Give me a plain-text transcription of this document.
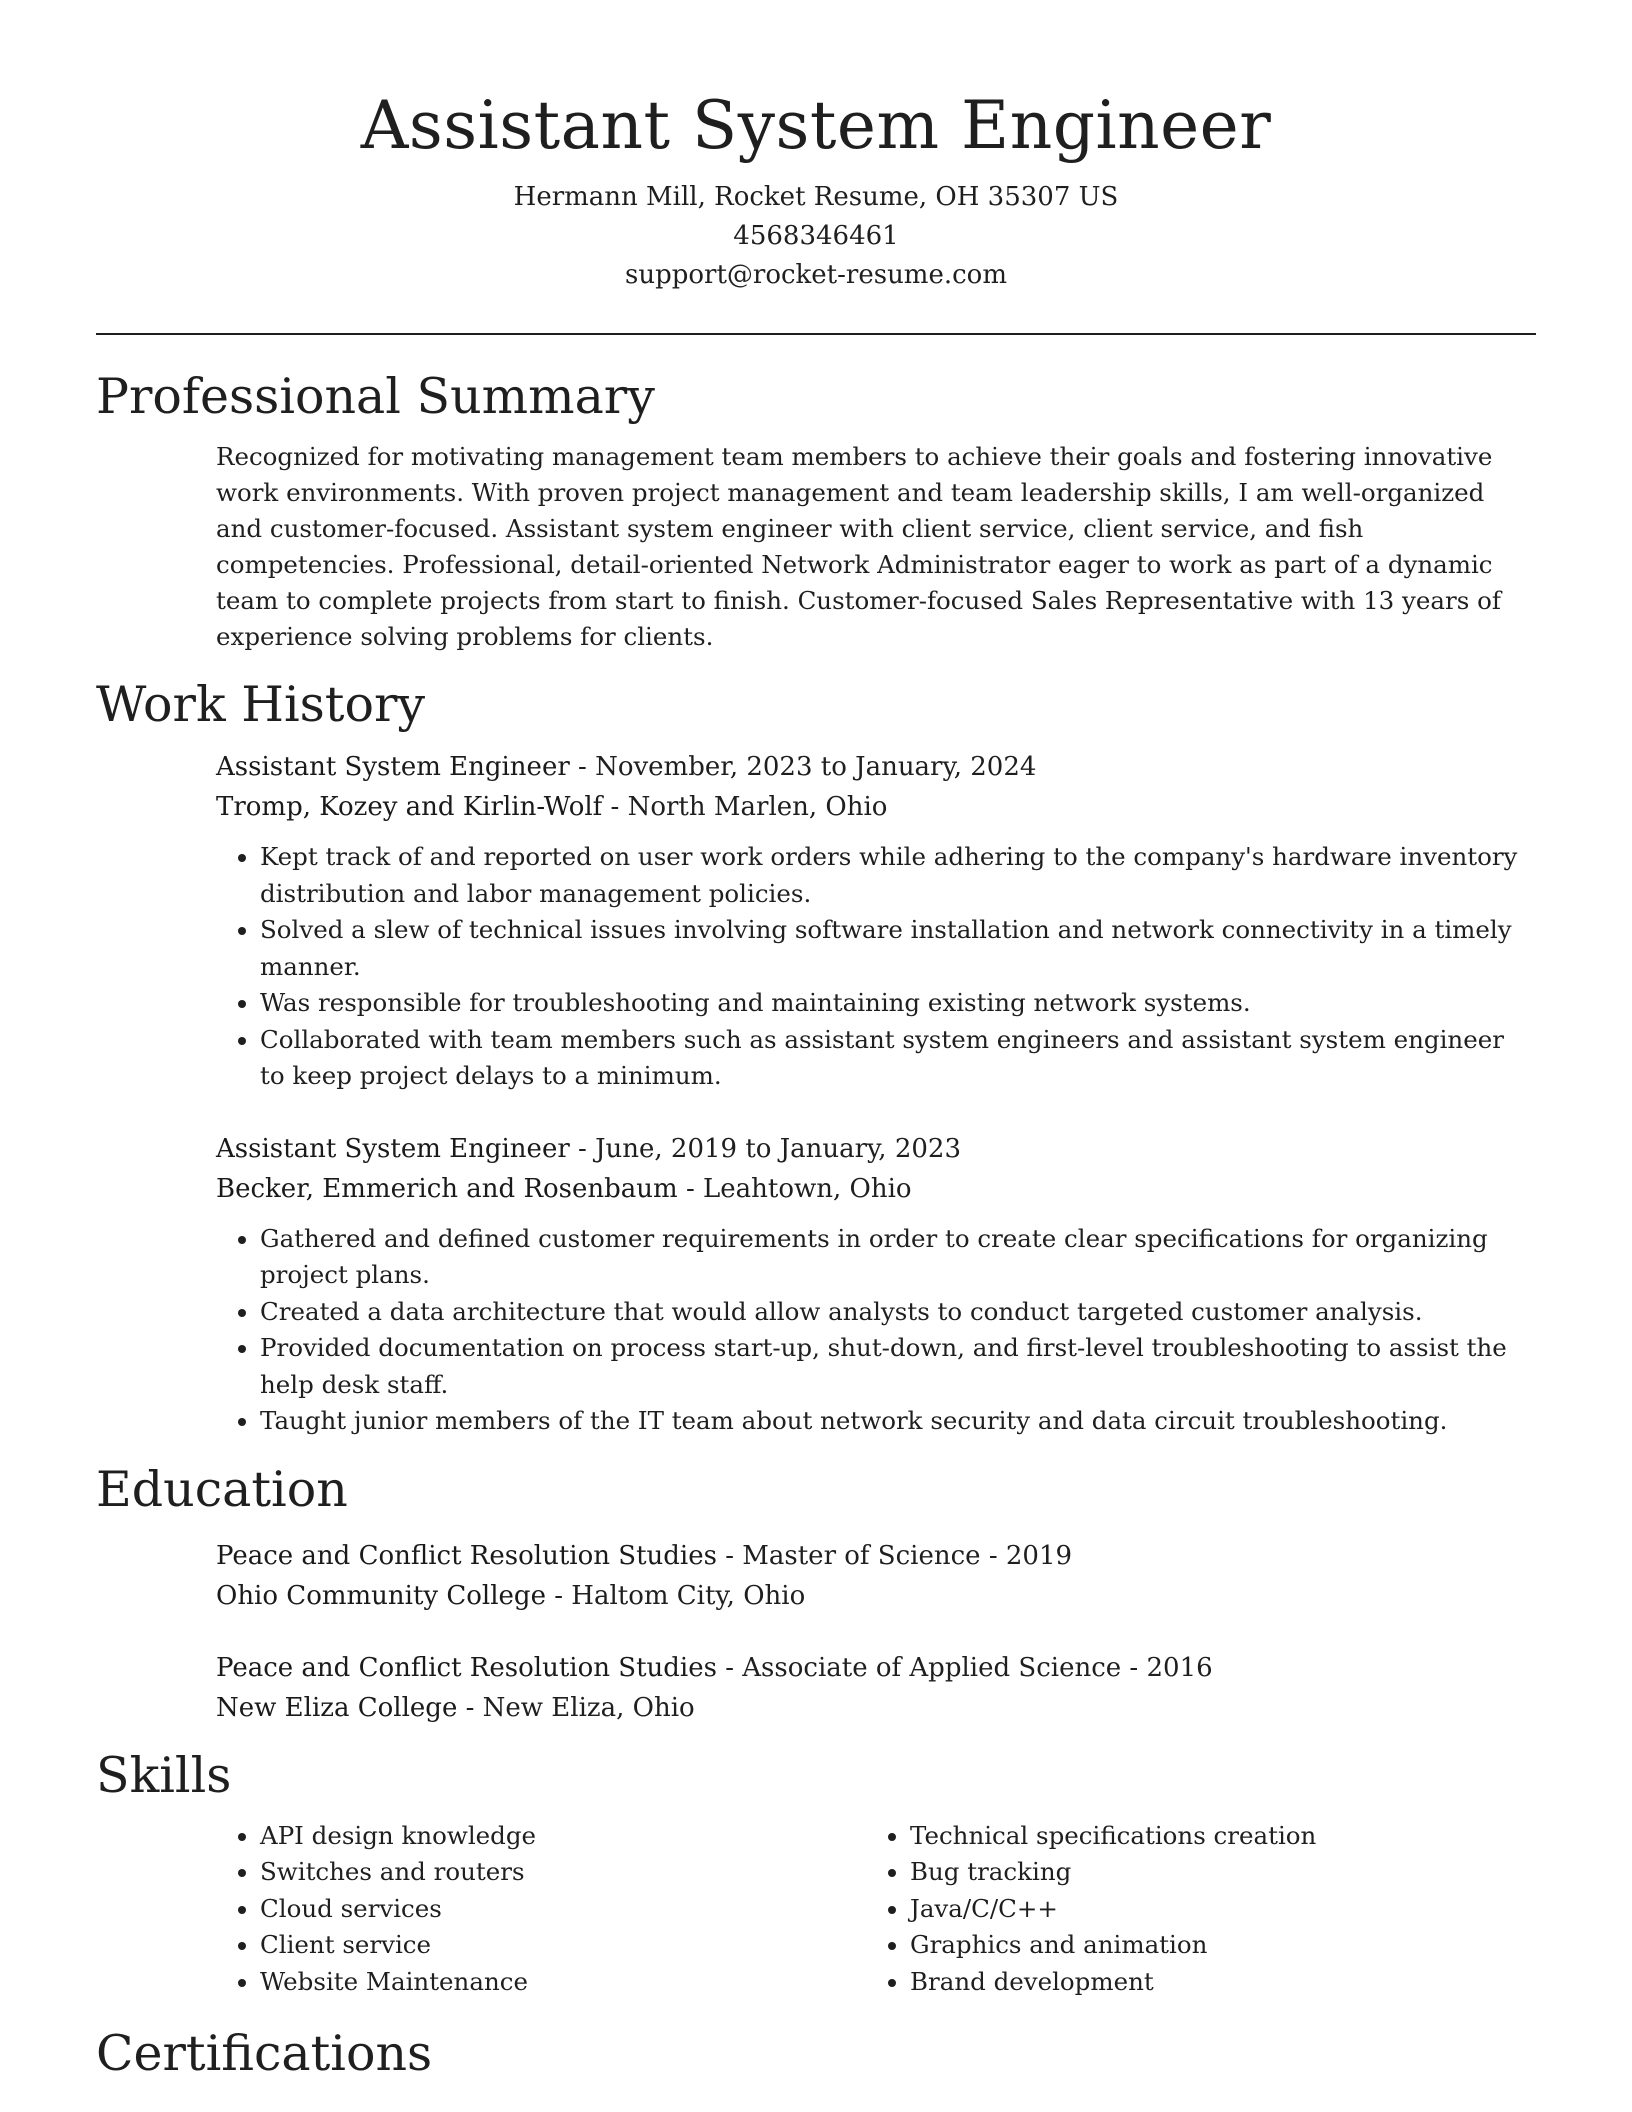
Assistant System Engineer

Hermann Mill, Rocket Resume, OH 35307 US

4568346461

support@rocket-resume.com

Professional Summary

Recognized for motivating management team members to achieve their goals and fostering innovative work environments. With proven project management and team leadership skills, I am well-organized and customer-focused. Assistant system engineer with client service, client service, and fish competencies. Professional, detail-oriented Network Administrator eager to work as part of a dynamic team to complete projects from start to finish. Customer-focused Sales Representative with 13 years of experience solving problems for clients.

Work History

Assistant System Engineer - November, 2023 to January, 2024

Tromp, Kozey and Kirlin-Wolf - North Marlen, Ohio

• Kept track of and reported on user work orders while adhering to the company's hardware inventory distribution and labor management policies.
• Solved a slew of technical issues involving software installation and network connectivity in a timely manner.
• Was responsible for troubleshooting and maintaining existing network systems.
• Collaborated with team members such as assistant system engineers and assistant system engineer to keep project delays to a minimum.

Assistant System Engineer - June, 2019 to January, 2023

Becker, Emmerich and Rosenbaum - Leahtown, Ohio

• Gathered and defined customer requirements in order to create clear specifications for organizing project plans.
• Created a data architecture that would allow analysts to conduct targeted customer analysis.
• Provided documentation on process start-up, shut-down, and first-level troubleshooting to assist the help desk staff.
• Taught junior members of the IT team about network security and data circuit troubleshooting.
Education

Peace and Conflict Resolution Studies - Master of Science - 2019

Ohio Community College - Haltom City, Ohio

Peace and Conflict Resolution Studies - Associate of Applied Science - 2016

New Eliza College - New Eliza, Ohio

Skills
• API design knowledge
• Switches and routers
• Cloud services
• Client service
• Website Maintenance
• Technical specifications creation
• Bug tracking
• Java/C/C++
• Graphics and animation
• Brand development
Certifications
